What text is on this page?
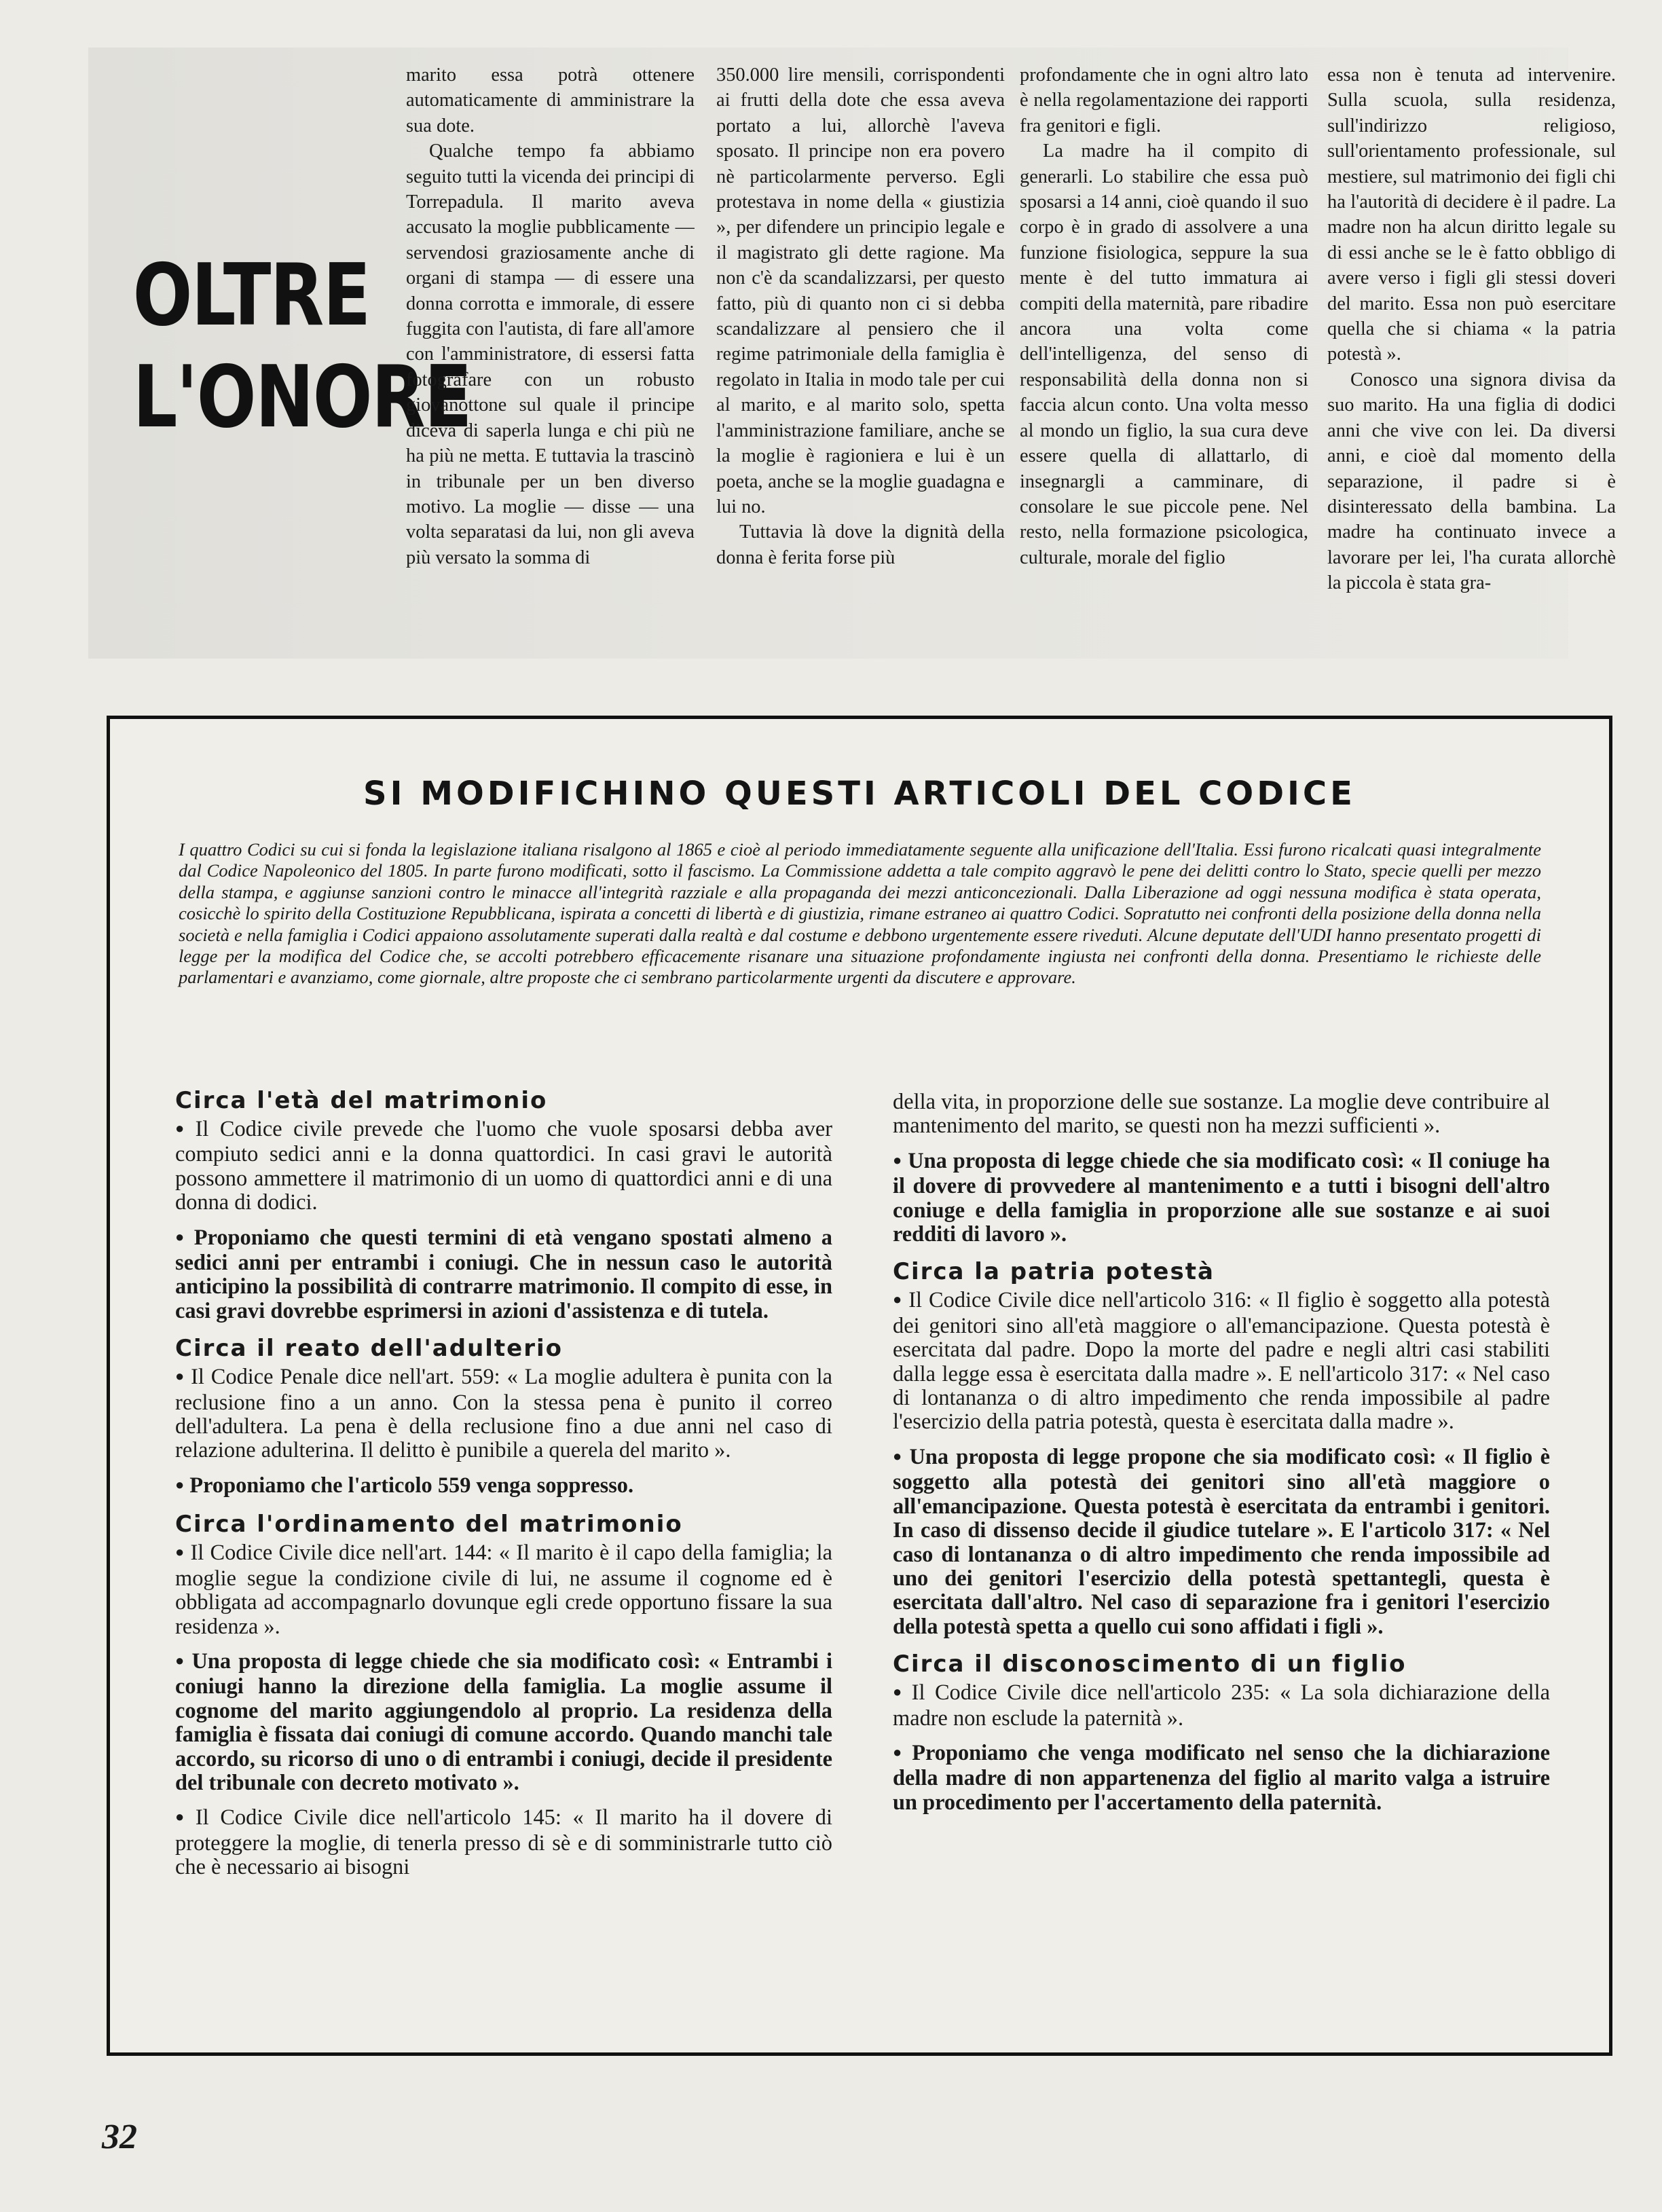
OLTRE
L'ONORE

marito essa potrà ottenere automaticamente di amministrare la sua dote.

Qualche tempo fa abbiamo seguito tutti la vicenda dei principi di Torrepadula. Il marito aveva accusato la moglie pubblicamente — servendosi graziosamente anche di organi di stampa — di essere una donna corrotta e immorale, di essere fuggita con l'autista, di fare all'amore con l'amministratore, di essersi fatta fotografare con un robusto giovanottone sul quale il principe diceva di saperla lunga e chi più ne ha più ne metta. E tuttavia la trascinò in tribunale per un ben diverso motivo. La moglie — disse — una volta separatasi da lui, non gli aveva più versato la somma di

350.000 lire mensili, corrispondenti ai frutti della dote che essa aveva portato a lui, allorchè l'aveva sposato. Il principe non era povero nè particolarmente perverso. Egli protestava in nome della « giustizia », per difendere un principio legale e il magistrato gli dette ragione. Ma non c'è da scandalizzarsi, per questo fatto, più di quanto non ci si debba scandalizzare al pensiero che il regime patrimoniale della famiglia è regolato in Italia in modo tale per cui al marito, e al marito solo, spetta l'amministrazione familiare, anche se la moglie è ragioniera e lui è un poeta, anche se la moglie guadagna e lui no.

Tuttavia là dove la dignità della donna è ferita forse più

profondamente che in ogni altro lato è nella regolamentazione dei rapporti fra genitori e figli.

La madre ha il compito di generarli. Lo stabilire che essa può sposarsi a 14 anni, cioè quando il suo corpo è in grado di assolvere a una funzione fisiologica, seppure la sua mente è del tutto immatura ai compiti della maternità, pare ribadire ancora una volta come dell'intelligenza, del senso di responsabilità della donna non si faccia alcun conto. Una volta messo al mondo un figlio, la sua cura deve essere quella di allattarlo, di insegnargli a camminare, di consolare le sue piccole pene. Nel resto, nella formazione psicologica, culturale, morale del figlio

essa non è tenuta ad intervenire. Sulla scuola, sulla residenza, sull'indirizzo religioso, sull'orientamento professionale, sul mestiere, sul matrimonio dei figli chi ha l'autorità di decidere è il padre. La madre non ha alcun diritto legale su di essi anche se le è fatto obbligo di avere verso i figli gli stessi doveri del marito. Essa non può esercitare quella che si chiama « la patria potestà ».

Conosco una signora divisa da suo marito. Ha una figlia di dodici anni che vive con lei. Da diversi anni, e cioè dal momento della separazione, il padre si è disinteressato della bambina. La madre ha continuato invece a lavorare per lei, l'ha curata allorchè la piccola è stata gra-

SI MODIFICHINO QUESTI ARTICOLI DEL CODICE
I quattro Codici su cui si fonda la legislazione italiana risalgono al 1865 e cioè al periodo immediatamente seguente alla unificazione dell'Italia. Essi furono ricalcati quasi integralmente dal Codice Napoleonico del 1805. In parte furono modificati, sotto il fascismo. La Commissione addetta a tale compito aggravò le pene dei delitti contro lo Stato, specie quelli per mezzo della stampa, e aggiunse sanzioni contro le minacce all'integrità razziale e alla propaganda dei mezzi anticoncezionali. Dalla Liberazione ad oggi nessuna modifica è stata operata, cosicchè lo spirito della Costituzione Repubblicana, ispirata a concetti di libertà e di giustizia, rimane estraneo ai quattro Codici. Sopratutto nei confronti della posizione della donna nella società e nella famiglia i Codici appaiono assolutamente superati dalla realtà e dal costume e debbono urgentemente essere riveduti. Alcune deputate dell'UDI hanno presentato progetti di legge per la modifica del Codice che, se accolti potrebbero efficacemente risanare una situazione profondamente ingiusta nei confronti della donna. Presentiamo le richieste delle parlamentari e avanziamo, come giornale, altre proposte che ci sembrano particolarmente urgenti da discutere e approvare.
Circa l'età del matrimonio

● Il Codice civile prevede che l'uomo che vuole sposarsi debba aver compiuto sedici anni e la donna quattordici. In casi gravi le autorità possono ammettere il matrimonio di un uomo di quattordici anni e di una donna di dodici.

● Proponiamo che questi termini di età vengano spostati almeno a sedici anni per entrambi i coniugi. Che in nessun caso le autorità anticipino la possibilità di contrarre matrimonio. Il compito di esse, in casi gravi dovrebbe esprimersi in azioni d'assistenza e di tutela.

Circa il reato dell'adulterio

● Il Codice Penale dice nell'art. 559: « La moglie adultera è punita con la reclusione fino a un anno. Con la stessa pena è punito il correo dell'adultera. La pena è della reclusione fino a due anni nel caso di relazione adulterina. Il delitto è punibile a querela del marito ».

● Proponiamo che l'articolo 559 venga soppresso.

Circa l'ordinamento del matrimonio

● Il Codice Civile dice nell'art. 144: « Il marito è il capo della famiglia; la moglie segue la condizione civile di lui, ne assume il cognome ed è obbligata ad accompagnarlo dovunque egli crede opportuno fissare la sua residenza ».

● Una proposta di legge chiede che sia modificato così: « Entrambi i coniugi hanno la direzione della famiglia. La moglie assume il cognome del marito aggiungendolo al proprio. La residenza della famiglia è fissata dai coniugi di comune accordo. Quando manchi tale accordo, su ricorso di uno o di entrambi i coniugi, decide il presidente del tribunale con decreto motivato ».

● Il Codice Civile dice nell'articolo 145: « Il marito ha il dovere di proteggere la moglie, di tenerla presso di sè e di somministrarle tutto ciò che è necessario ai bisogni

della vita, in proporzione delle sue sostanze. La moglie deve contribuire al mantenimento del marito, se questi non ha mezzi sufficienti ».

● Una proposta di legge chiede che sia modificato così: « Il coniuge ha il dovere di provvedere al mantenimento e a tutti i bisogni dell'altro coniuge e della famiglia in proporzione alle sue sostanze e ai suoi redditi di lavoro ».

Circa la patria potestà

● Il Codice Civile dice nell'articolo 316: « Il figlio è soggetto alla potestà dei genitori sino all'età maggiore o all'emancipazione. Questa potestà è esercitata dal padre. Dopo la morte del padre e negli altri casi stabiliti dalla legge essa è esercitata dalla madre ». E nell'articolo 317: « Nel caso di lontananza o di altro impedimento che renda impossibile al padre l'esercizio della patria potestà, questa è esercitata dalla madre ».

● Una proposta di legge propone che sia modificato così: « Il figlio è soggetto alla potestà dei genitori sino all'età maggiore o all'emancipazione. Questa potestà è esercitata da entrambi i genitori. In caso di dissenso decide il giudice tutelare ». E l'articolo 317: « Nel caso di lontananza o di altro impedimento che renda impossibile ad uno dei genitori l'esercizio della potestà spettantegli, questa è esercitata dall'altro. Nel caso di separazione fra i genitori l'esercizio della potestà spetta a quello cui sono affidati i figli ».

Circa il disconoscimento di un figlio

● Il Codice Civile dice nell'articolo 235: « La sola dichiarazione della madre non esclude la paternità ».

● Proponiamo che venga modificato nel senso che la dichiarazione della madre di non appartenenza del figlio al marito valga a istruire un procedimento per l'accertamento della paternità.

32
